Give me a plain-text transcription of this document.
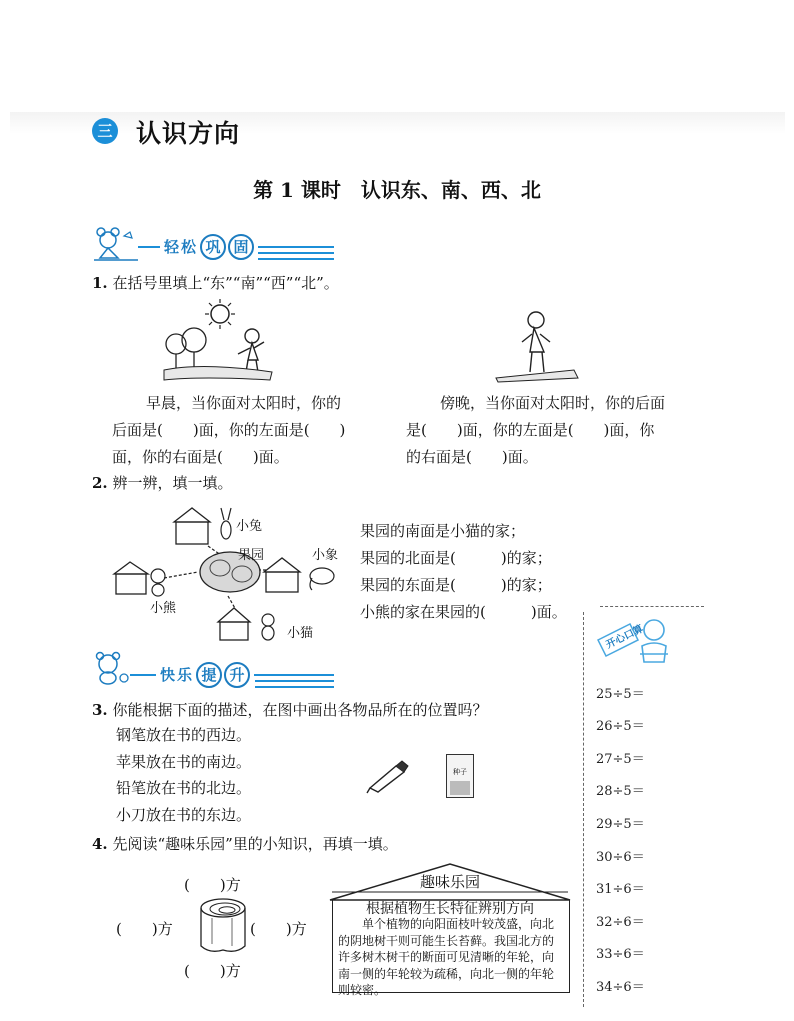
三 认识方向
第 1 课时　认识东、南、西、北
轻松 巩 固
1. 在括号里填上“东”“南”“西”“北”。
早晨，当你面对太阳时，你的
后面是(　　)面，你的左面是(　　)
面，你的右面是(　　)面。
傍晚，当你面对太阳时，你的后面
是(　　)面，你的左面是(　　)面，你
的右面是(　　)面。
2. 辨一辨，填一填。
小兔
果园	小象
小熊
小猫
果园的南面是小猫的家；
果园的北面是(　　　)的家；
果园的东面是(　　　)的家；
小熊的家在果园的(　　　)面。
快乐 提 升
3. 你能根据下面的描述，在图中画出各物品所在的位置吗？
钢笔放在书的西边。
苹果放在书的南边。
铅笔放在书的北边。
小刀放在书的东边。
种子
4. 先阅读“趣味乐园”里的小知识，再填一填。
(　　)方
(　　)方	(　　)方
(　　)方
趣味乐园
根据植物生长特征辨别方向
单个植物的向阳面枝叶较茂盛，向北的阴地树干则可能生长苔藓。我国北方的许多树木树干的断面可见清晰的年轮，向南一侧的年轮较为疏稀，向北一侧的年轮则较密。
开心口算
25÷5＝
26÷5＝
27÷5＝
28÷5＝
29÷5＝
30÷6＝
31÷6＝
32÷6＝
33÷6＝
34÷6＝
